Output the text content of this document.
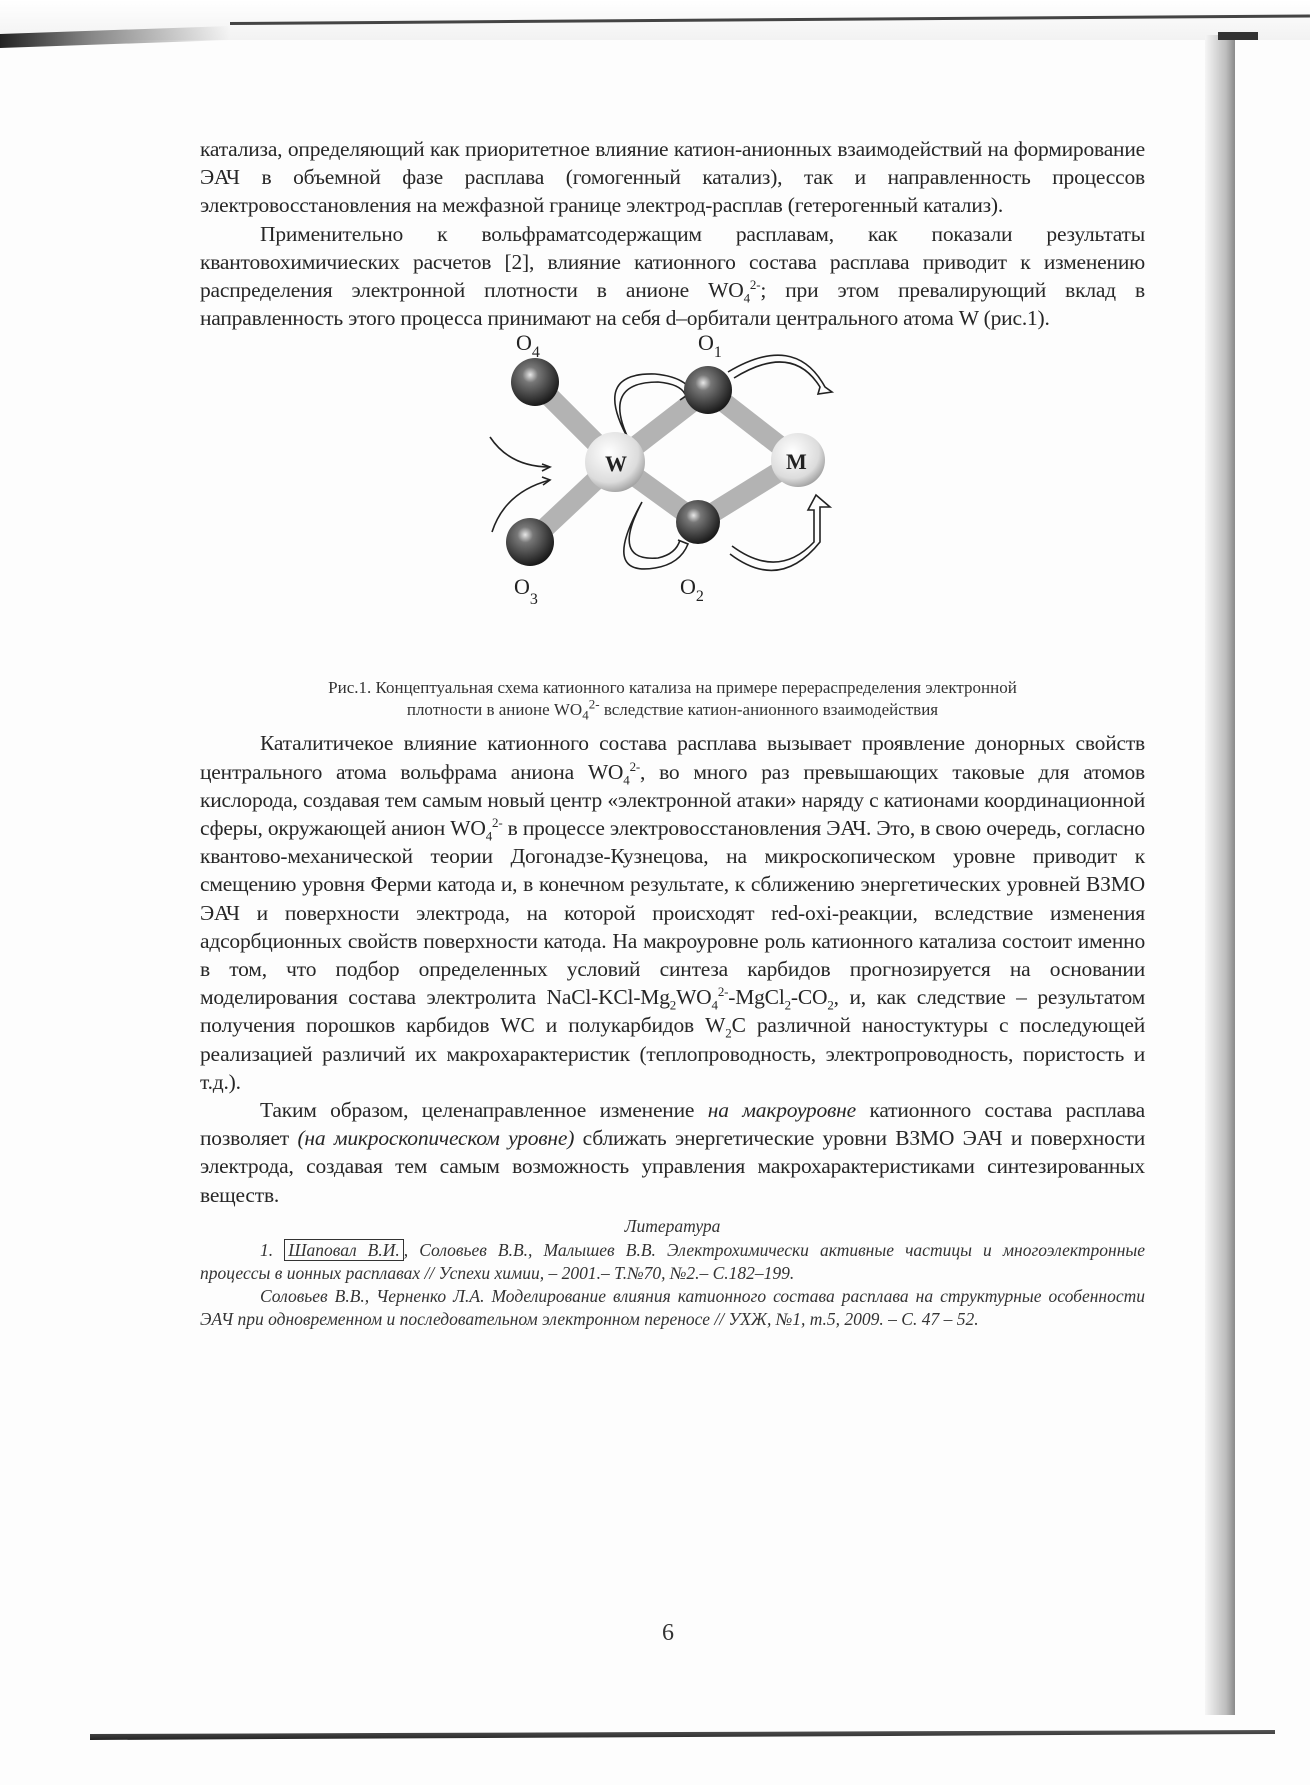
катализа, определяющий как приоритетное влияние катион-анионных взаимодействий на формирование ЭАЧ в объемной фазе расплава (гомогенный катализ), так и направленность процессов электровосстановления на межфазной границе электрод-расплав (гетерогенный катализ).

Применительно к вольфраматсодержащим расплавам, как показали результаты квантовохимичиеских расчетов [2], влияние катионного состава расплава приводит к изменению распределения электронной плотности в анионе $WO_4^{2-}$; при этом превалирующий вклад в направленность этого процесса принимают на себя d–орбитали центрального атома W (рис.1).

W	M
$O_4$	$O_1$
$O_3$
$O_2$

Рис.1. Концептуальная схема катионного катализа на примере перераспределения электронной
плотности в анионе $WO_4^{2-}$ вследствие катион-анионного взаимодействия

Каталитичекое влияние катионного состава расплава вызывает проявление донорных свойств центрального атома вольфрама аниона $WO_4^{2-}$, во много раз превышающих таковые для атомов кислорода, создавая тем самым новый центр «электронной атаки» наряду с катионами координационной сферы, окружающей анион $WO_4^{2-}$ в процессе электровосстановления ЭАЧ. Это, в свою очередь, согласно квантово-механической теории Догонадзе-Кузнецова, на микроскопическом уровне приводит к смещению уровня Ферми катода и, в конечном результате, к сближению энергетических уровней ВЗМО ЭАЧ и поверхности электрода, на которой происходят red-oxi-реакции, вследствие изменения адсорбционных свойств поверхности катода. На макроуровне роль катионного катализа состоит именно в том, что подбор определенных условий синтеза карбидов прогнозируется на основании моделирования состава электролита NaCl-$KCl-Mg_2WO_4^{2-}-MgCl_2-CO_2$, и, как следствие – результатом получения порошков карбидов WC и полукарбидов $W_2C$ различной наностуктуры с последующей реализацией различий их макрохарактеристик (теплопроводность, электропроводность, пористость и т.д.).

Таким образом, целенаправленное изменение на макроуровне катионного состава расплава позволяет (на микроскопическом уровне) сближать энергетические уровни ВЗМО ЭАЧ и поверхности электрода, создавая тем самым возможность управления макрохарактеристиками синтезированных веществ.

Литература

1. Шаповал В.И. , Соловьев В.В., Малышев В.В. Электрохимически активные частицы и многоэлектронные процессы в ионных расплавах // Успехи химии, – 2001.– Т.№70, №2.– С.182–199.

Соловьев В.В., Черненко Л.А. Моделирование влияния катионного состава расплава на структурные особенности ЭАЧ при одновременном и последовательном электронном переносе // УХЖ, №1, т.5, 2009. – С. 47 – 52.

6
